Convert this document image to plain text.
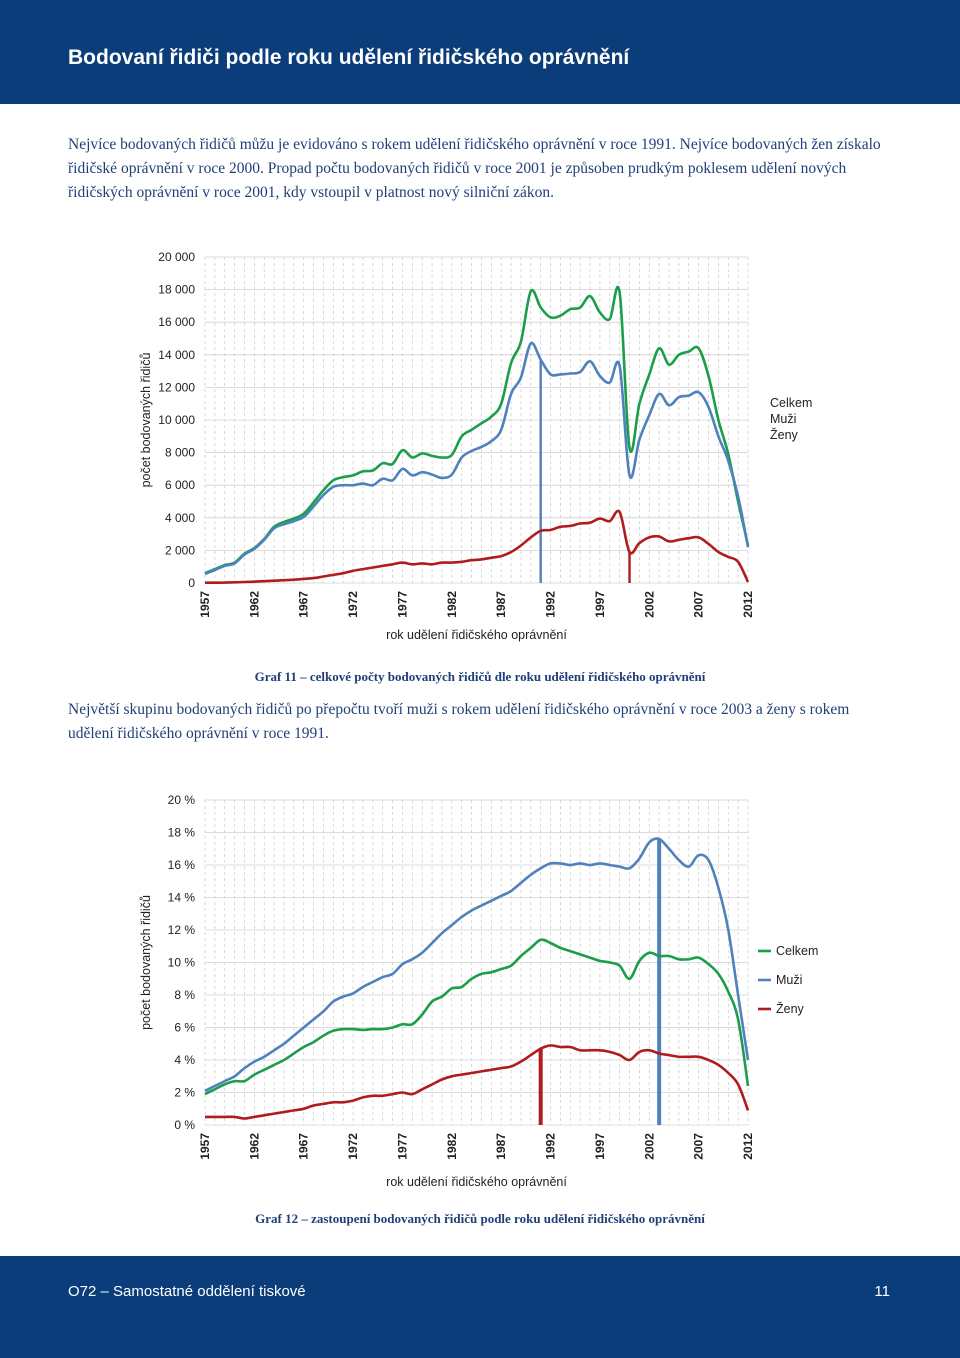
Bodovaní řidiči podle roku udělení řidičského oprávnění

Nejvíce bodovaných řidičů můžu je evidováno s rokem udělení řidičského oprávnění v roce 1991. Nejvíce bodovaných žen získalo řidičské oprávnění v roce 2000. Propad počtu bodovaných řidičů v roce 2001 je způsoben prudkým poklesem udělení nových řidičských oprávnění v roce 2001, kdy vstoupil v platnost nový silniční zákon.

0
2 000
4 000
6 000
8 000
10 000
12 000
14 000
16 000
18 000
20 000
1957	1962	1967	1972	1977	1982	1987	1992	1997	2002	2007	2012
rok udělení řidičského oprávnění
počet bodovaných řidičů	Celkem
Muži
Ženy
Graf 11 – celkové počty bodovaných řidičů dle roku udělení řidičského oprávnění

Největší skupinu bodovaných řidičů po přepočtu tvoří muži s rokem udělení řidičského oprávnění v roce 2003 a ženy s rokem udělení řidičského oprávnění v roce 1991.

0 %
2 %
4 %
6 %
8 %
10 %
12 %
14 %
16 %
18 %
20 %
1957	1962	1967	1972	1977	1982	1987	1992	1997	2002	2007	2012
rok udělení řidičského oprávnění
počet bodovaných řidičů	Celkem
Muži
Ženy
Graf 12 – zastoupení bodovaných řidičů podle roku udělení řidičského oprávnění
O72 – Samostatné oddělení tiskové	11
